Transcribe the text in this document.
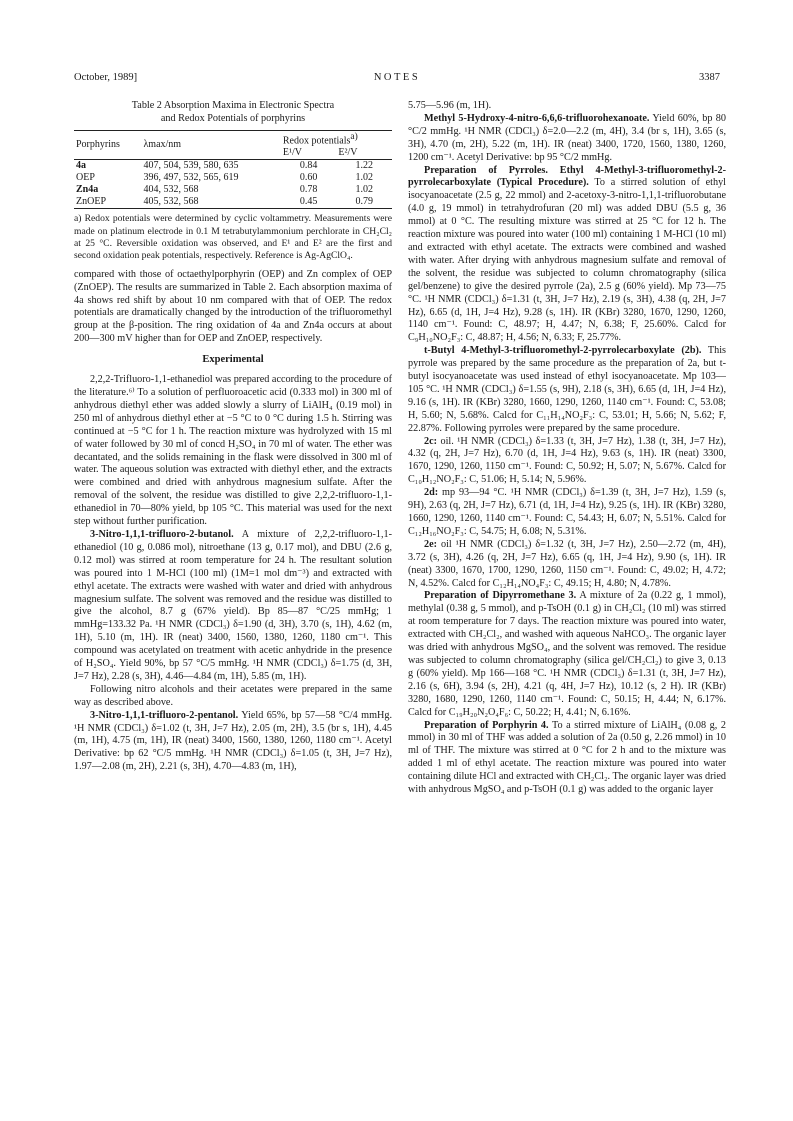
October, 1989]	NOTES	3387
Table 2 Absorption Maxima in Electronic Spectra
and Redox Potentials of porphyrins
Porphyrins	λmax/nm	Redox potentials$^{a)}$
		E¹/V	E²/V
4a	407, 504, 539, 580, 635	0.84	1.22
OEP	396, 497, 532, 565, 619	0.60	1.02
Zn4a	404, 532, 568	0.78	1.02
ZnOEP	405, 532, 568	0.45	0.79
a) Redox potentials were determined by cyclic voltammetry. Measurements were made on platinum electrode in 0.1 M tetrabutylammonium perchlorate in CH₂Cl₂ at 25 °C. Reversible oxidation was observed, and E¹ and E² are the first and second oxidation peak potentials, respectively. Reference is Ag-AgClO₄.

compared with those of octaethylporphyrin (OEP) and Zn complex of OEP (ZnOEP). The results are summarized in Table 2. Each absorption maxima of 4a shows red shift by about 10 nm compared with that of OEP. The redox potentials are dramatically changed by the introduction of the trifluoromethyl group at the β-position. The ring oxidation of 4a and Zn4a occurs at about 200—300 mV higher than for OEP and ZnOEP, respectively.

Experimental

2,2,2-Trifluoro-1,1-ethanediol was prepared according to the procedure of the literature.⁶⁾ To a solution of perfluoroacetic acid (0.333 mol) in 300 ml of anhydrous diethyl ether was added slowly a slurry of LiAlH₄ (0.19 mol) in 250 ml of anhydrous diethyl ether at −5 °C to 0 °C during 1.5 h. Stirring was continued at −5 °C for 1 h. The reaction mixture was hydrolyzed with 15 ml of water followed by 30 ml of concd H₂SO₄ in 70 ml of water. The ether was decantated, and the solids remaining in the flask were dissolved in 300 ml of water. The aqueous solution was extracted with diethyl ether, and the extracts were combined and dried with anhydrous magnesium sulfate. After the removal of the solvent, the residue was distilled to give 2,2,2-trifluoro-1,1-ethanediol in 70—80% yield, bp 105 °C. This material was used for the next step without further purification.

3-Nitro-1,1,1-trifluoro-2-butanol. A mixture of 2,2,2-trifluoro-1,1-ethanediol (10 g, 0.086 mol), nitroethane (13 g, 0.17 mol), and DBU (2.6 g, 0.12 mol) was stirred at room temperature for 24 h. The resultant solution was poured into 1 M-HCl (100 ml) (1M=1 mol dm⁻³) and extracted with ethyl acetate. The extracts were washed with water and dried with anhydrous magnesium sulfate. The solvent was removed and the residue was distilled to give the alcohol, 8.7 g (67% yield). Bp 85—87 °C/25 mmHg; 1 mmHg=133.32 Pa. ¹H NMR (CDCl₃) δ=1.90 (d, 3H), 3.70 (s, 1H), 4.62 (m, 1H), 5.10 (m, 1H). IR (neat) 3400, 1560, 1380, 1260, 1180 cm⁻¹. This compound was acetylated on treatment with acetic anhydride in the presence of H₂SO₄. Yield 90%, bp 57 °C/5 mmHg. ¹H NMR (CDCl₃) δ=1.75 (d, 3H, J=7 Hz), 2.28 (s, 3H), 4.46—4.84 (m, 1H), 5.85 (m, 1H).

Following nitro alcohols and their acetates were prepared in the same way as described above.

3-Nitro-1,1,1-trifluoro-2-pentanol. Yield 65%, bp 57—58 °C/4 mmHg. ¹H NMR (CDCl₃) δ=1.02 (t, 3H, J=7 Hz), 2.05 (m, 2H), 3.5 (br s, 1H), 4.45 (m, 1H), 4.75 (m, 1H), IR (neat) 3400, 1560, 1380, 1260, 1180 cm⁻¹. Acetyl Derivative: bp 62 °C/5 mmHg. ¹H NMR (CDCl₃) δ=1.05 (t, 3H, J=7 Hz), 1.97—2.08 (m, 2H), 2.21 (s, 3H), 4.70—4.83 (m, 1H),

5.75—5.96 (m, 1H).

Methyl 5-Hydroxy-4-nitro-6,6,6-trifluorohexanoate. Yield 60%, bp 80 °C/2 mmHg. ¹H NMR (CDCl₃) δ=2.0—2.2 (m, 4H), 3.4 (br s, 1H), 3.65 (s, 3H), 4.70 (m, 2H), 5.22 (m, 1H). IR (neat) 3400, 1720, 1560, 1380, 1260, 1200 cm⁻¹. Acetyl Derivative: bp 95 °C/2 mmHg.

Preparation of Pyrroles. Ethyl 4-Methyl-3-trifluoromethyl-2-pyrrolecarboxylate (Typical Procedure). To a stirred solution of ethyl isocyanoacetate (2.5 g, 22 mmol) and 2-acetoxy-3-nitro-1,1,1-trifluorobutane (4.0 g, 19 mmol) in tetrahydrofuran (20 ml) was added DBU (5.5 g, 36 mmol) at 0 °C. The resulting mixture was stirred at 25 °C for 12 h. The reaction mixture was poured into water (100 ml) containing 1 M-HCl (10 ml) and extracted with ethyl acetate. The extracts were combined and washed with water. After drying with anhydrous magnesium sulfate and removal of the solvent, the residue was subjected to column chromatography (silica gel/benzene) to give the desired pyrrole (2a), 2.5 g (60% yield). Mp 73—75 °C. ¹H NMR (CDCl₃) δ=1.31 (t, 3H, J=7 Hz), 2.19 (s, 3H), 4.38 (q, 2H, J=7 Hz), 6.65 (d, 1H, J=4 Hz), 9.28 (s, 1H). IR (KBr) 3280, 1670, 1290, 1260, 1140 cm⁻¹. Found: C, 48.97; H, 4.47; N, 6.38; F, 25.60%. Calcd for C₉H₁₀NO₂F₃: C, 48.87; H, 4.56; N, 6.33; F, 25.77%.

t-Butyl 4-Methyl-3-trifluoromethyl-2-pyrrolecarboxylate (2b). This pyrrole was prepared by the same procedure as the preparation of 2a, but t-butyl isocyanoacetate was used instead of ethyl isocyanoacetate. Mp 103—105 °C. ¹H NMR (CDCl₃) δ=1.55 (s, 9H), 2.18 (s, 3H), 6.65 (d, 1H, J=4 Hz), 9.16 (s, 1H). IR (KBr) 3280, 1660, 1290, 1260, 1140 cm⁻¹. Found: C, 53.08; H, 5.60; N, 5.68%. Calcd for C₁₁H₁₄NO₂F₃: C, 53.01; H, 5.66; N, 5.62; F, 22.87%. Following pyrroles were prepared by the same procedure.

2c: oil. ¹H NMR (CDCl₃) δ=1.33 (t, 3H, J=7 Hz), 1.38 (t, 3H, J=7 Hz), 4.32 (q, 2H, J=7 Hz), 6.70 (d, 1H, J=4 Hz), 9.63 (s, 1H). IR (neat) 3300, 1670, 1290, 1260, 1150 cm⁻¹. Found: C, 50.92; H, 5.07; N, 5.67%. Calcd for C₁₀H₁₂NO₂F₃: C, 51.06; H, 5.14; N, 5.96%.

2d: mp 93—94 °C. ¹H NMR (CDCl₃) δ=1.39 (t, 3H, J=7 Hz), 1.59 (s, 9H), 2.63 (q, 2H, J=7 Hz), 6.71 (d, 1H, J=4 Hz), 9.25 (s, 1H). IR (KBr) 3280, 1660, 1290, 1260, 1140 cm⁻¹. Found: C, 54.43; H, 6.07; N, 5.51%. Calcd for C₁₂H₁₆NO₂F₃: C, 54.75; H, 6.08; N, 5.31%.

2e: oil ¹H NMR (CDCl₃) δ=1.32 (t, 3H, J=7 Hz), 2.50—2.72 (m, 4H), 3.72 (s, 3H), 4.26 (q, 2H, J=7 Hz), 6.65 (q, 1H, J=4 Hz), 9.90 (s, 1H). IR (neat) 3300, 1670, 1700, 1290, 1260, 1150 cm⁻¹. Found: C, 49.02; H, 4.72; N, 4.52%. Calcd for C₁₂H₁₄NO₄F₃: C, 49.15; H, 4.80; N, 4.78%.

Preparation of Dipyrromethane 3. A mixture of 2a (0.22 g, 1 mmol), methylal (0.38 g, 5 mmol), and p-TsOH (0.1 g) in CH₂Cl₂ (10 ml) was stirred at room temperature for 7 days. The reaction mixture was poured into water, extracted with CH₂Cl₂, and washed with aqueous NaHCO₃. The organic layer was dried with anhydrous MgSO₄, and the solvent was removed. The residue was subjected to column chromatography (silica gel/CH₂Cl₂) to give 3, 0.13 g (60% yield). Mp 166—168 °C. ¹H NMR (CDCl₃) δ=1.31 (t, 3H, J=7 Hz), 2.16 (s, 6H), 3.94 (s, 2H), 4.21 (q, 4H, J=7 Hz), 10.12 (s, 2 H). IR (KBr) 3280, 1680, 1290, 1260, 1140 cm⁻¹. Found: C, 50.15; H, 4.44; N, 6.17%. Calcd for C₁₉H₂₀N₂O₄F₆: C, 50.22; H, 4.41; N, 6.16%.

Preparation of Porphyrin 4. To a stirred mixture of LiAlH₄ (0.08 g, 2 mmol) in 30 ml of THF was added a solution of 2a (0.50 g, 2.26 mmol) in 10 ml of THF. The mixture was stirred at 0 °C for 2 h and to the mixture was added 1 ml of ethyl acetate. The reaction mixture was poured into water containing dilute HCl and extracted with CH₂Cl₂. The organic layer was dried with anhydrous MgSO₄ and p-TsOH (0.1 g) was added to the organic layer
